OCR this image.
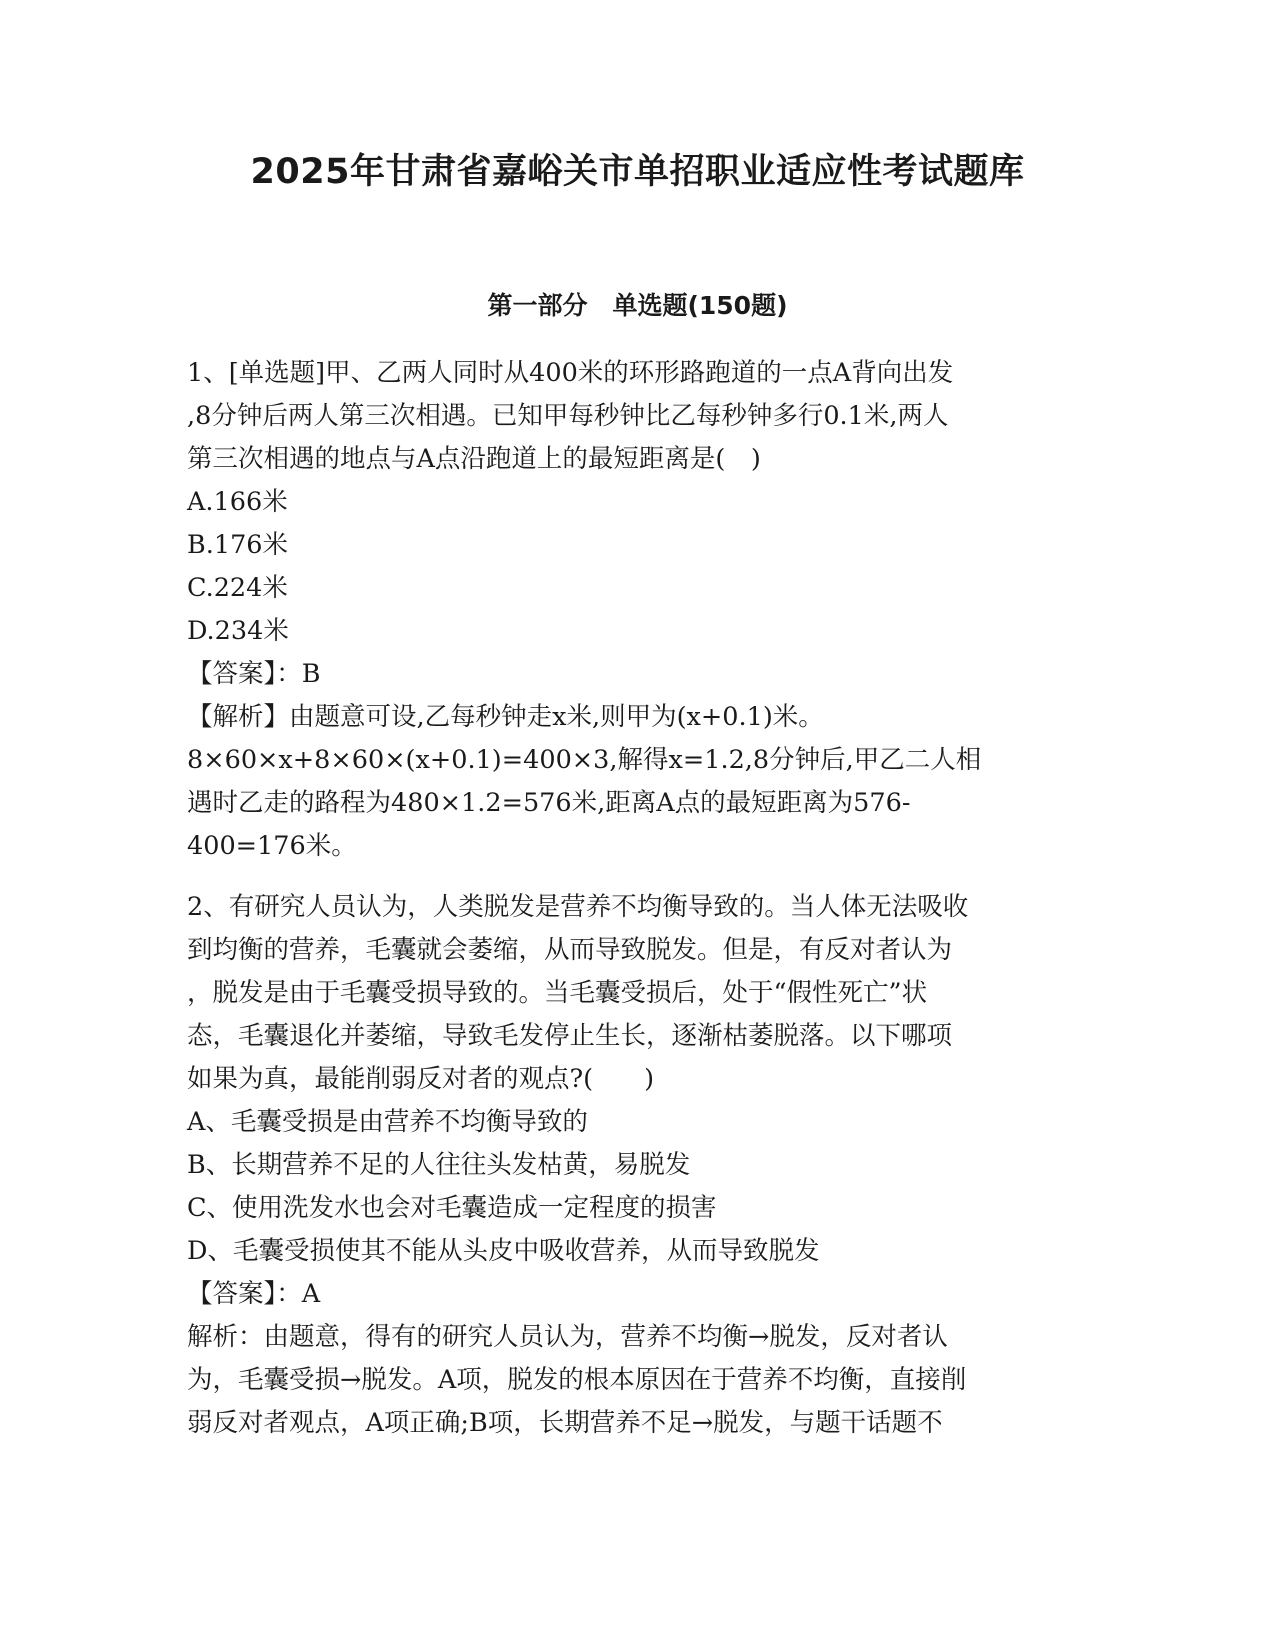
2025年甘肃省嘉峪关市单招职业适应性考试题库
第一部分　单选题(150题)
1、[单选题]甲、乙两人同时从400米的环形路跑道的一点A背向出发
,8分钟后两人第三次相遇。已知甲每秒钟比乙每秒钟多行0.1米,两人
第三次相遇的地点与A点沿跑道上的最短距离是(　)
A.166米
B.176米
C.224米
D.234米
【答案】：B
【解析】由题意可设,乙每秒钟走x米,则甲为(x+0.1)米。
8×60×x+8×60×(x+0.1)=400×3,解得x=1.2,8分钟后,甲乙二人相
遇时乙走的路程为480×1.2=576米,距离A点的最短距离为576-
400=176米。
2、有研究人员认为，人类脱发是营养不均衡导致的。当人体无法吸收
到均衡的营养，毛囊就会萎缩，从而导致脱发。但是，有反对者认为
，脱发是由于毛囊受损导致的。当毛囊受损后，处于“假性死亡”状
态，毛囊退化并萎缩，导致毛发停止生长，逐渐枯萎脱落。以下哪项
如果为真，最能削弱反对者的观点?(　　)
A、毛囊受损是由营养不均衡导致的
B、长期营养不足的人往往头发枯黄，易脱发
C、使用洗发水也会对毛囊造成一定程度的损害
D、毛囊受损使其不能从头皮中吸收营养，从而导致脱发
【答案】：A
解析：由题意，得有的研究人员认为，营养不均衡→脱发，反对者认
为，毛囊受损→脱发。A项，脱发的根本原因在于营养不均衡，直接削
弱反对者观点，A项正确;B项，长期营养不足→脱发，与题干话题不
